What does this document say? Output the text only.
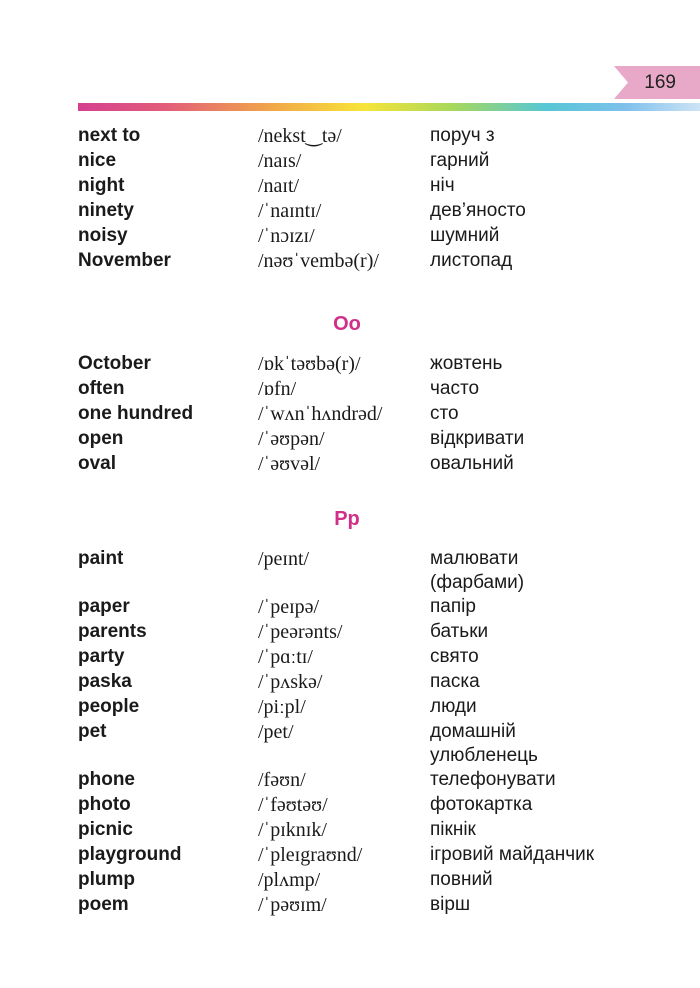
169
next to	/nekst‿tə/	поруч з
nice	/naɪs/	гарний
night	/naɪt/	ніч
ninety	/ˈnaɪntɪ/	дев’яносто
noisy	/ˈnɔɪzɪ/	шумний
November	/nəʊˈvembə(r)/	листопад
Oo
October	/ɒkˈtəʊbə(r)/	жовтень
often	/ɒfn/	часто
one hundred	/ˈwʌnˈhʌndrəd/	сто
open	/ˈəʊpən/	відкривати
oval	/ˈəʊvəl/	овальний
Pp
paint	/peɪnt/	малювати
(фарбами)
paper	/ˈpeɪpə/	папір
parents	/ˈpeərənts/	батьки
party	/ˈpɑːtɪ/	свято
paska	/ˈpʌskə/	паска
people	/piːpl/	люди
pet	/pet/	домашній
улюбленець
phone	/fəʊn/	телефонувати
photo	/ˈfəʊtəʊ/	фотокартка
picnic	/ˈpɪknɪk/	пікнік
playground	/ˈpleɪgraʊnd/	ігровий майданчик
plump	/plʌmp/	повний
poem	/ˈpəʊɪm/	вірш
